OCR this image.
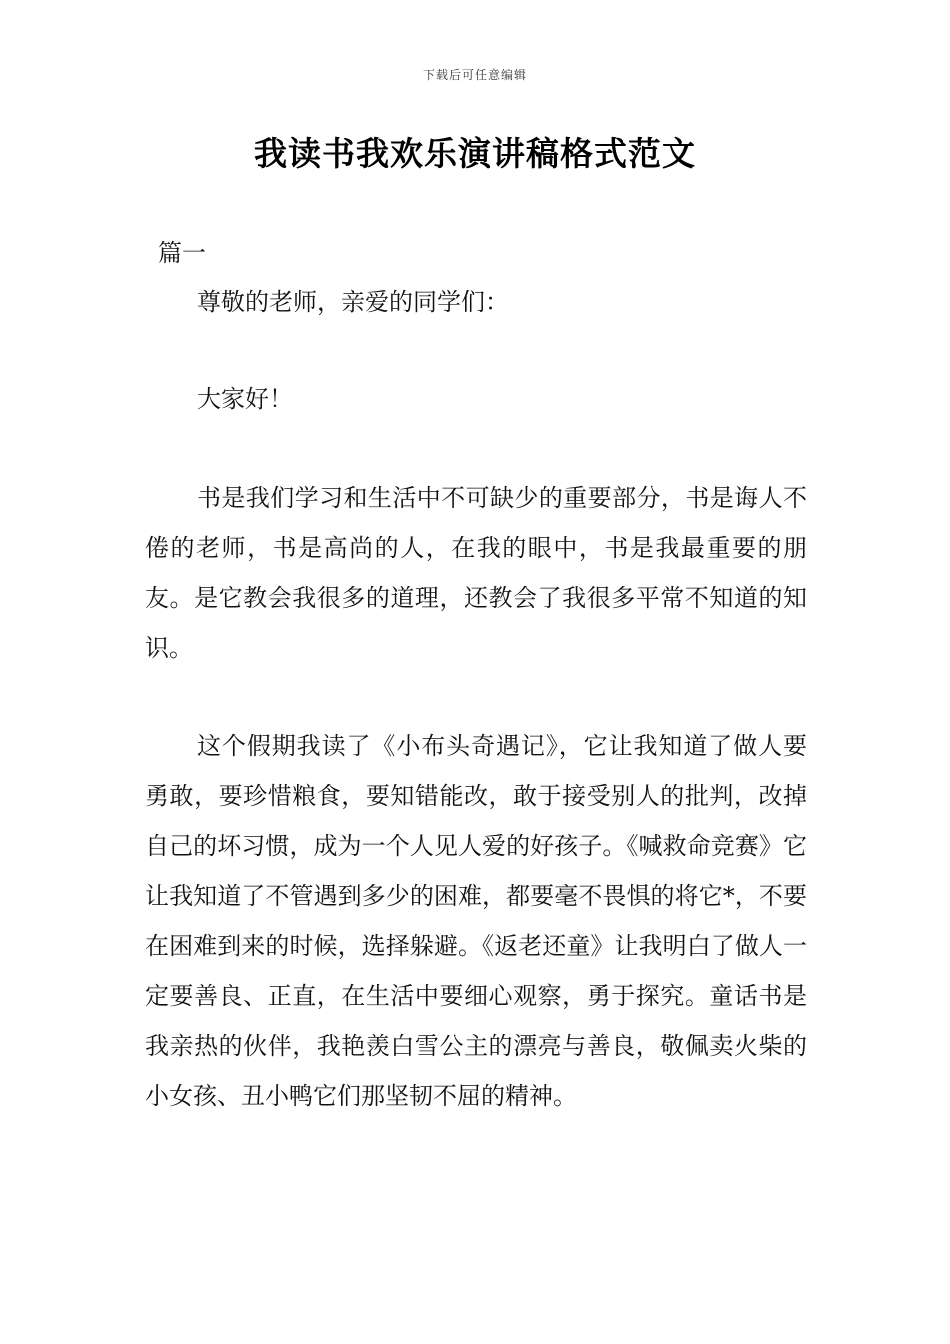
下载后可任意编辑
我读书我欢乐演讲稿格式范文
篇一

尊敬的老师，亲爱的同学们：

大家好！

书是我们学习和生活中不可缺少的重要部分，书是诲人不倦的老师，书是高尚的人，在我的眼中，书是我最重要的朋友。是它教会我很多的道理，还教会了我很多平常不知道的知识。

这个假期我读了《小布头奇遇记》，它让我知道了做人要勇敢，要珍惜粮食，要知错能改，敢于接受别人的批判，改掉自己的坏习惯，成为一个人见人爱的好孩子。《喊救命竞赛》它让我知道了不管遇到多少的困难，都要毫不畏惧的将它*，不要在困难到来的时候，选择躲避。《返老还童》让我明白了做人一定要善良、正直，在生活中要细心观察，勇于探究。童话书是我亲热的伙伴，我艳羡白雪公主的漂亮与善良，敬佩卖火柴的小女孩、丑小鸭它们那坚韧不屈的精神。
